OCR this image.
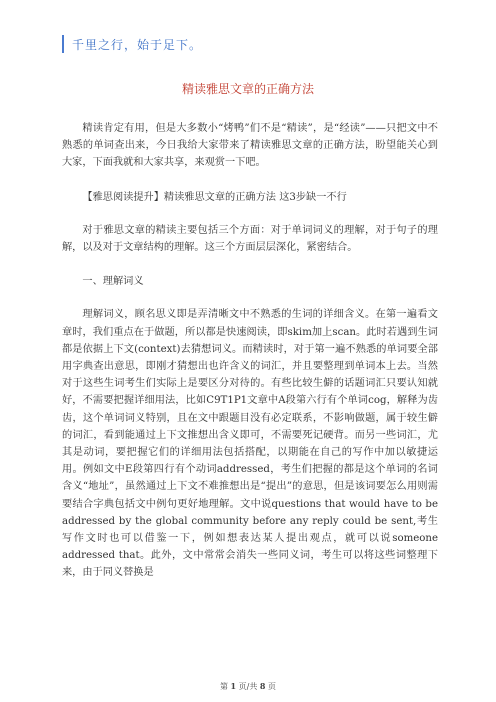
千里之行，始于足下。
精读雅思文章的正确方法

精读肯定有用，但是大多数小“烤鸭”们不是“精读”，是“经读”——只把文中不熟悉的单词查出来，今日我给大家带来了精读雅思文章的正确方法，盼望能关心到大家，下面我就和大家共享，来观赏一下吧。

【雅思阅读提升】精读雅思文章的正确方法 这3步缺一不行

对于雅思文章的精读主要包括三个方面：对于单词词义的理解，对于句子的理解，以及对于文章结构的理解。这三个方面层层深化，紧密结合。

一、理解词义

理解词义，顾名思义即是弄清晰文中不熟悉的生词的详细含义。在第一遍看文章时，我们重点在于做题，所以都是快速阅读，即skim加上scan。此时若遇到生词都是依据上下文(context)去猜想词义。而精读时，对于第一遍不熟悉的单词要全部用字典查出意思，即刚才猜想出也许含义的词汇，并且要整理到单词本上去。当然对于这些生词考生们实际上是要区分对待的。有些比较生僻的话题词汇只要认知就好，不需要把握详细用法，比如C9T1P1文章中A段第六行有个单词cog，解释为齿齿，这个单词词义特别，且在文中跟题目没有必定联系，不影响做题，属于较生僻的词汇，看到能通过上下文推想出含义即可，不需要死记硬背。而另一些词汇，尤其是动词，要把握它们的详细用法包括搭配，以期能在自己的写作中加以敏捷运用。例如文中E段第四行有个动词addressed，考生们把握的都是这个单词的名词含义“地址”，虽然通过上下文不难推想出是“提出”的意思，但是该词要怎么用则需要结合字典包括文中例句更好地理解。文中说questions that would have to be addressed by the global community before any reply could be sent,考生写作文时也可以借鉴一下，例如想表达某人提出观点，就可以说someone addressed that。此外，文中常常会消失一些同义词，考生可以将这些词整理下来，由于同义替换是

第 1 页/共 8 页
